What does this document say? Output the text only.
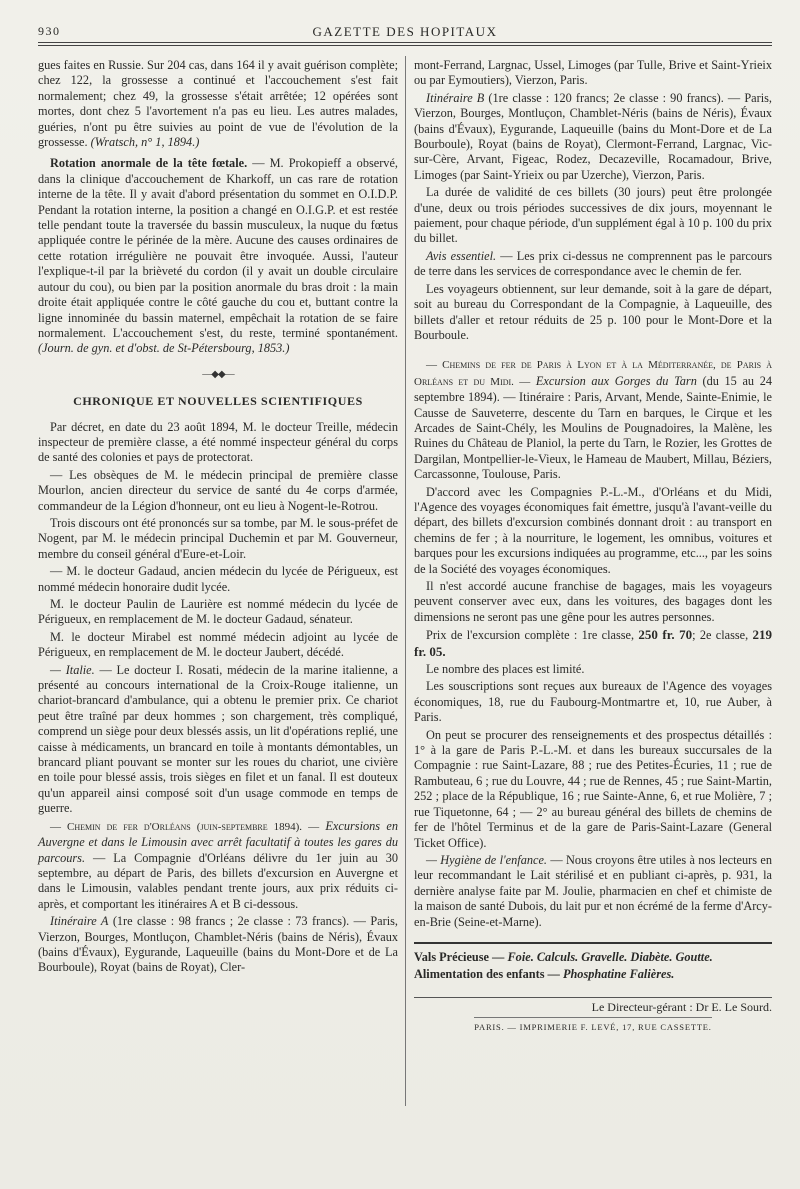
930	GAZETTE DES HOPITAUX

gues faites en Russie. Sur 204 cas, dans 164 il y avait guérison complète; chez 122, la grossesse a continué et l'accouchement s'est fait normalement; chez 49, la grossesse s'était arrêtée; 12 opérées sont mortes, dont chez 5 l'avortement n'a pas eu lieu. Les autres malades, guéries, n'ont pu être suivies au point de vue de l'évolution de la grossesse. (Wratsch, n° 1, 1894.)

Rotation anormale de la tête fœtale. — M. Prokopieff a observé, dans la clinique d'accouchement de Kharkoff, un cas rare de rotation interne de la tête. Il y avait d'abord présentation du sommet en O.I.D.P. Pendant la rotation interne, la position a changé en O.I.G.P. et est restée telle pendant toute la traversée du bassin musculeux, la nuque du fœtus appliquée contre le périnée de la mère. Aucune des causes ordinaires de cette rotation irrégulière ne pouvait être invoquée. Aussi, l'auteur l'explique-t-il par la brièveté du cordon (il y avait un double circulaire autour du cou), ou bien par la position anormale du bras droit : la main droite était appliquée contre le côté gauche du cou et, buttant contre la ligne innominée du bassin maternel, empêchait la rotation de se faire normalement. L'accouchement s'est, du reste, terminé spontanément. (Journ. de gyn. et d'obst. de St-Pétersbourg, 1853.)

—◆◆—
CHRONIQUE ET NOUVELLES SCIENTIFIQUES

Par décret, en date du 23 août 1894, M. le docteur Treille, médecin inspecteur de première classe, a été nommé inspecteur général du corps de santé des colonies et pays de protectorat.

— Les obsèques de M. le médecin principal de première classe Mourlon, ancien directeur du service de santé du 4e corps d'armée, commandeur de la Légion d'honneur, ont eu lieu à Nogent-le-Rotrou.

Trois discours ont été prononcés sur sa tombe, par M. le sous-préfet de Nogent, par M. le médecin principal Duchemin et par M. Gouverneur, membre du conseil général d'Eure-et-Loir.

— M. le docteur Gadaud, ancien médecin du lycée de Périgueux, est nommé médecin honoraire dudit lycée.

M. le docteur Paulin de Laurière est nommé médecin du lycée de Périgueux, en remplacement de M. le docteur Gadaud, sénateur.

M. le docteur Mirabel est nommé médecin adjoint au lycée de Périgueux, en remplacement de M. le docteur Jaubert, décédé.

— Italie. — Le docteur I. Rosati, médecin de la marine italienne, a présenté au concours international de la Croix-Rouge italienne, un chariot-brancard d'ambulance, qui a obtenu le premier prix. Ce chariot peut être traîné par deux hommes ; son chargement, très compliqué, comprend un siège pour deux blessés assis, un lit d'opérations replié, une caisse à médicaments, un brancard en toile à montants démontables, un brancard pliant pouvant se monter sur les roues du chariot, une civière en toile pour blessé assis, trois sièges en filet et un fanal. Il est douteux qu'un appareil ainsi composé soit d'un usage commode en temps de guerre.

— Chemin de fer d'Orléans (juin-septembre 1894). — Excursions en Auvergne et dans le Limousin avec arrêt facultatif à toutes les gares du parcours. — La Compagnie d'Orléans délivre du 1er juin au 30 septembre, au départ de Paris, des billets d'excursion en Auvergne et dans le Limousin, valables pendant trente jours, aux prix réduits ci-après, et comportant les itinéraires A et B ci-dessous.

Itinéraire A (1re classe : 98 francs ; 2e classe : 73 francs). — Paris, Vierzon, Bourges, Montluçon, Chamblet-Néris (bains de Néris), Évaux (bains d'Évaux), Eygurande, Laqueuille (bains du Mont-Dore et de La Bourboule), Royat (bains de Royat), Cler-

mont-Ferrand, Largnac, Ussel, Limoges (par Tulle, Brive et Saint-Yrieix ou par Eymoutiers), Vierzon, Paris.

Itinéraire B (1re classe : 120 francs; 2e classe : 90 francs). — Paris, Vierzon, Bourges, Montluçon, Chamblet-Néris (bains de Néris), Évaux (bains d'Évaux), Eygurande, Laqueuille (bains du Mont-Dore et de La Bourboule), Royat (bains de Royat), Clermont-Ferrand, Largnac, Vic-sur-Cère, Arvant, Figeac, Rodez, Decazeville, Rocamadour, Brive, Limoges (par Saint-Yrieix ou par Uzerche), Vierzon, Paris.

La durée de validité de ces billets (30 jours) peut être prolongée d'une, deux ou trois périodes successives de dix jours, moyennant le paiement, pour chaque période, d'un supplément égal à 10 p. 100 du prix du billet.

Avis essentiel. — Les prix ci-dessus ne comprennent pas le parcours de terre dans les services de correspondance avec le chemin de fer.

Les voyageurs obtiennent, sur leur demande, soit à la gare de départ, soit au bureau du Correspondant de la Compagnie, à Laqueuille, des billets d'aller et retour réduits de 25 p. 100 pour le Mont-Dore et la Bourboule.

— Chemins de fer de Paris à Lyon et à la Méditerranée, de Paris à Orléans et du Midi. — Excursion aux Gorges du Tarn (du 15 au 24 septembre 1894). — Itinéraire : Paris, Arvant, Mende, Sainte-Enimie, le Causse de Sauveterre, descente du Tarn en barques, le Cirque et les Arcades de Saint-Chély, les Moulins de Pougnadoires, la Malène, les Ruines du Château de Planiol, la perte du Tarn, le Rozier, les Grottes de Dargilan, Montpellier-le-Vieux, le Hameau de Maubert, Millau, Béziers, Carcassonne, Toulouse, Paris.

D'accord avec les Compagnies P.-L.-M., d'Orléans et du Midi, l'Agence des voyages économiques fait émettre, jusqu'à l'avant-veille du départ, des billets d'excursion combinés donnant droit : au transport en chemins de fer ; à la nourriture, le logement, les omnibus, voitures et barques pour les excursions indiquées au programme, etc..., par les soins de la Société des voyages économiques.

Il n'est accordé aucune franchise de bagages, mais les voyageurs peuvent conserver avec eux, dans les voitures, des bagages dont les dimensions ne seront pas une gêne pour les autres personnes.

Prix de l'excursion complète : 1re classe, 250 fr. 70; 2e classe, 219 fr. 05.

Le nombre des places est limité.

Les souscriptions sont reçues aux bureaux de l'Agence des voyages économiques, 18, rue du Faubourg-Montmartre et, 10, rue Auber, à Paris.

On peut se procurer des renseignements et des prospectus détaillés : 1° à la gare de Paris P.-L.-M. et dans les bureaux succursales de la Compagnie : rue Saint-Lazare, 88 ; rue des Petites-Écuries, 11 ; rue de Rambuteau, 6 ; rue du Louvre, 44 ; rue de Rennes, 45 ; rue Saint-Martin, 252 ; place de la République, 16 ; rue Sainte-Anne, 6, et rue Molière, 7 ; rue Tiquetonne, 64 ; — 2° au bureau général des billets de chemins de fer de l'hôtel Terminus et de la gare de Paris-Saint-Lazare (General Ticket Office).

— Hygiène de l'enfance. — Nous croyons être utiles à nos lecteurs en leur recommandant le Lait stérilisé et en publiant ci-après, p. 931, la dernière analyse faite par M. Joulie, pharmacien en chef et chimiste de la maison de santé Dubois, du lait pur et non écrémé de la ferme d'Arcy-en-Brie (Seine-et-Marne).

Vals Précieuse — Foie. Calculs. Gravelle. Diabète. Goutte.

Alimentation des enfants — Phosphatine Falières.

Le Directeur-gérant : Dr E. Le Sourd.

PARIS. — IMPRIMERIE F. LEVÉ, 17, RUE CASSETTE.
